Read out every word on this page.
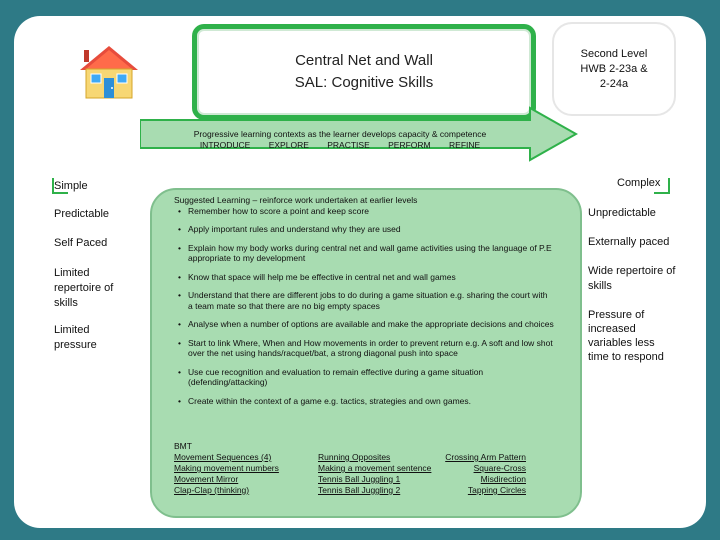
Central Net and Wall
SAL: Cognitive Skills
Second Level
HWB 2-23a &
2-24a
Progressive learning contexts as the learner develops capacity & competence
INTRODUCE EXPLORE PRACTISE PERFORM REFINE
Simple
Predictable
Self Paced
Limited repertoire of skills
Limited pressure
Complex
Unpredictable
Externally paced
Wide repertoire of skills
Pressure of increased variables less time to respond
Suggested Learning – reinforce work undertaken at earlier levels
• Remember how to score a point and keep score
• Apply important rules and understand why they are used
• Explain how my body works during central net and wall game activities using the language of P.E appropriate to my development
• Know that space will help me be effective in central net and wall games
• Understand that there are different jobs to do during a game situation e.g. sharing the court with a team mate so that there are no big empty spaces
• Analyse when a number of options are available and make the appropriate decisions and choices
• Start to link Where, When and How movements in order to prevent return e.g. A soft and low shot over the net using hands/racquet/bat, a strong diagonal push into space
• Use cue recognition and evaluation to remain effective during a game situation (defending/attacking)
• Create within the context of a game e.g. tactics, strategies and own games.
BMT
Movement Sequences (4)
Making movement numbers
Movement Mirror
Clap-Clap (thinking)
Running Opposites
Making a movement sentence
Tennis Ball Juggling 1
Tennis Ball Juggling 2
Crossing Arm Pattern
Square-Cross
Misdirection
Tapping Circles
